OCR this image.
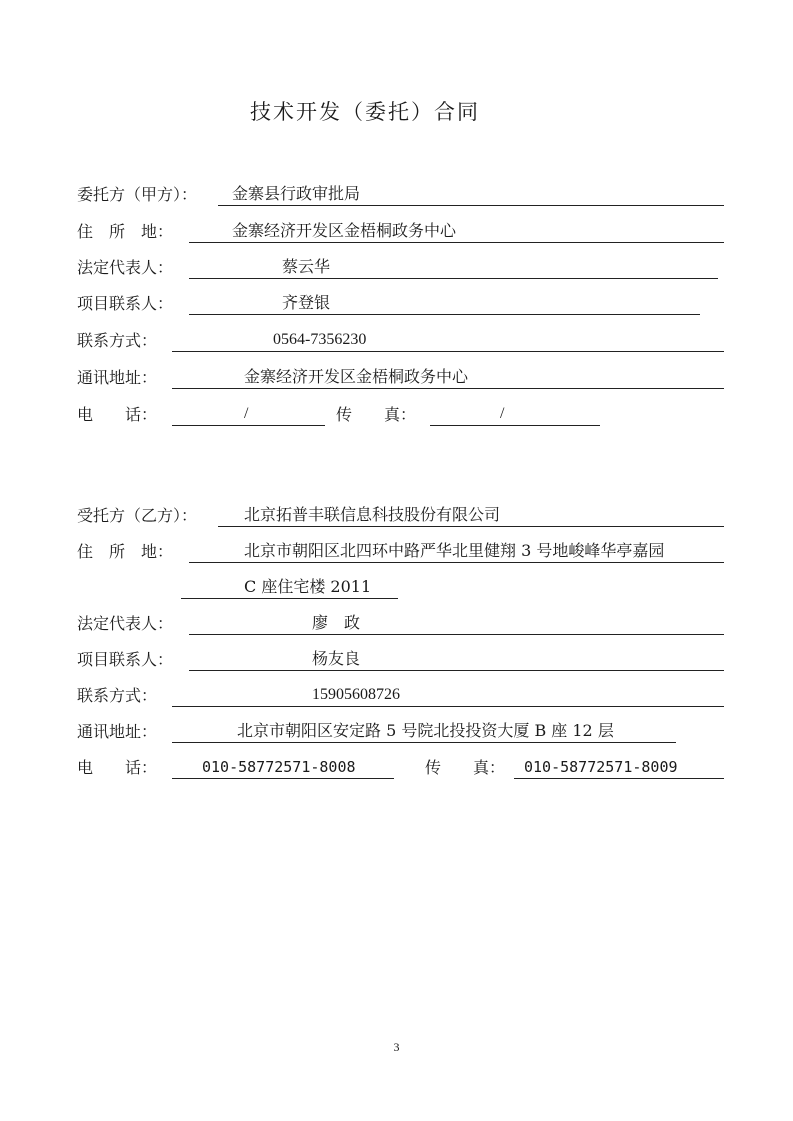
技术开发（委托）合同
委托方（甲方）： 金寨县行政审批局
住　所　地：	金寨经济开发区金梧桐政务中心
法定代表人：	蔡云华
项目联系人：	齐登银
联系方式：	0564-7356230
通讯地址：	金寨经济开发区金梧桐政务中心
电　　话：	/	传　　真：	/
受托方（乙方）：	北京拓普丰联信息科技股份有限公司
住　所　地：	北京市朝阳区北四环中路严华北里健翔 3 号地峻峰华亭嘉园
C 座住宅楼 2011
法定代表人：	廖　政
项目联系人：	杨友良
联系方式：	15905608726
通讯地址：	北京市朝阳区安定路 5 号院北投投资大厦 B 座 12 层
电　　话：	010-58772571-8008	传　　真： 010-58772571-8009
3
